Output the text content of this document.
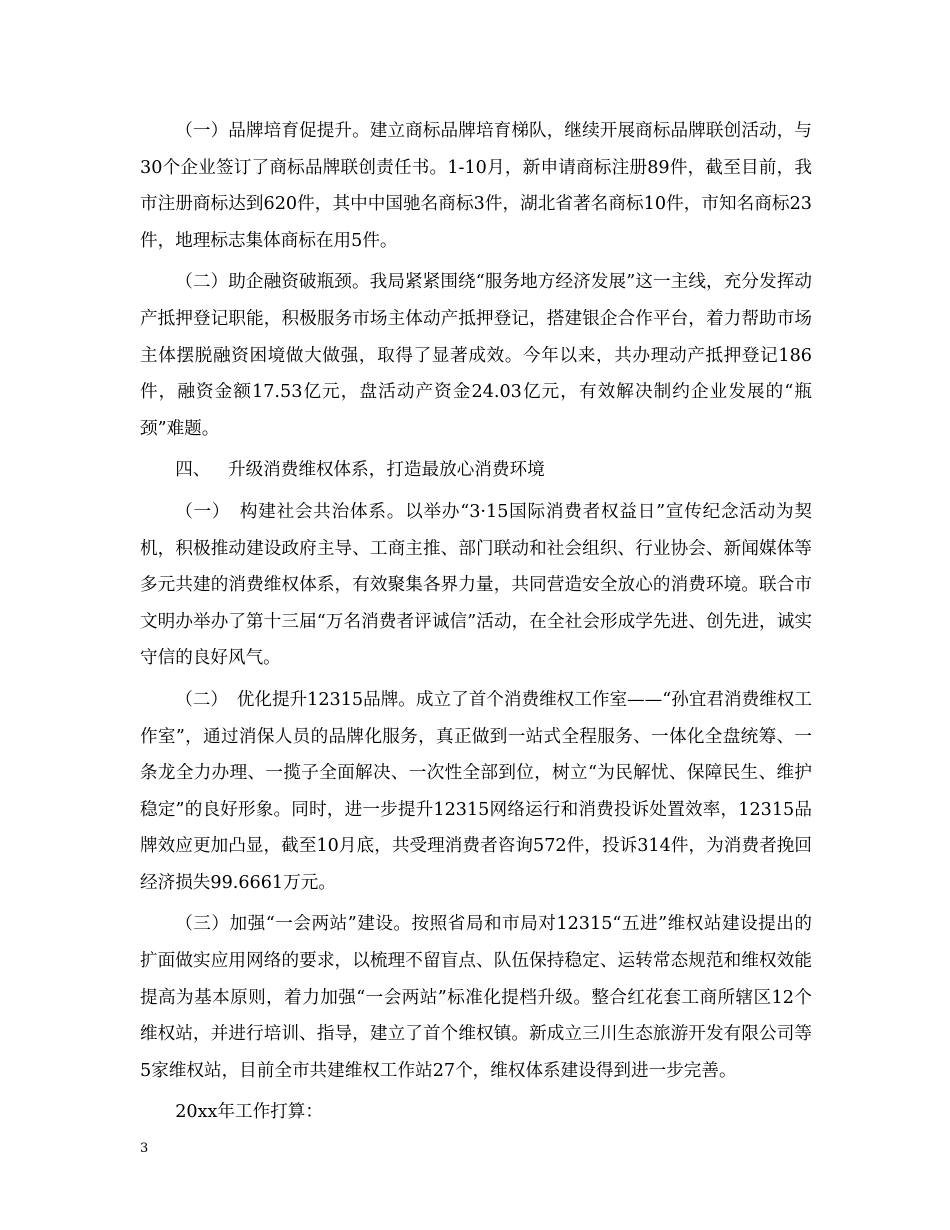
（一）品牌培育促提升。建立商标品牌培育梯队，继续开展商标品牌联创活动，与30个企业签订了商标品牌联创责任书。1-10月，新申请商标注册89件，截至目前，我市注册商标达到620件，其中中国驰名商标3件，湖北省著名商标10件，市知名商标23件，地理标志集体商标在用5件。

（二）助企融资破瓶颈。我局紧紧围绕“服务地方经济发展”这一主线，充分发挥动产抵押登记职能，积极服务市场主体动产抵押登记，搭建银企合作平台，着力帮助市场主体摆脱融资困境做大做强，取得了显著成效。今年以来，共办理动产抵押登记186件，融资金额17.53亿元，盘活动产资金24.03亿元，有效解决制约企业发展的“瓶颈”难题。

四、 升级消费维权体系，打造最放心消费环境

（一）　构建社会共治体系。以举办“3·15国际消费者权益日”宣传纪念活动为契机，积极推动建设政府主导、工商主推、部门联动和社会组织、行业协会、新闻媒体等多元共建的消费维权体系，有效聚集各界力量，共同营造安全放心的消费环境。联合市文明办举办了第十三届“万名消费者评诚信”活动，在全社会形成学先进、创先进，诚实守信的良好风气。

（二）　优化提升12315品牌。成立了首个消费维权工作室——“孙宜君消费维权工作室”，通过消保人员的品牌化服务，真正做到一站式全程服务、一体化全盘统筹、一条龙全力办理、一揽子全面解决、一次性全部到位，树立“为民解忧、保障民生、维护稳定”的良好形象。同时，进一步提升12315网络运行和消费投诉处置效率，12315品牌效应更加凸显，截至10月底，共受理消费者咨询572件，投诉314件，为消费者挽回经济损失99.6661万元。

（三）加强“一会两站”建设。按照省局和市局对12315“五进”维权站建设提出的扩面做实应用网络的要求，以梳理不留盲点、队伍保持稳定、运转常态规范和维权效能提高为基本原则，着力加强“一会两站”标准化提档升级。整合红花套工商所辖区12个维权站，并进行培训、指导，建立了首个维权镇。新成立三川生态旅游开发有限公司等5家维权站，目前全市共建维权工作站27个，维权体系建设得到进一步完善。

20xx年工作打算：

3
